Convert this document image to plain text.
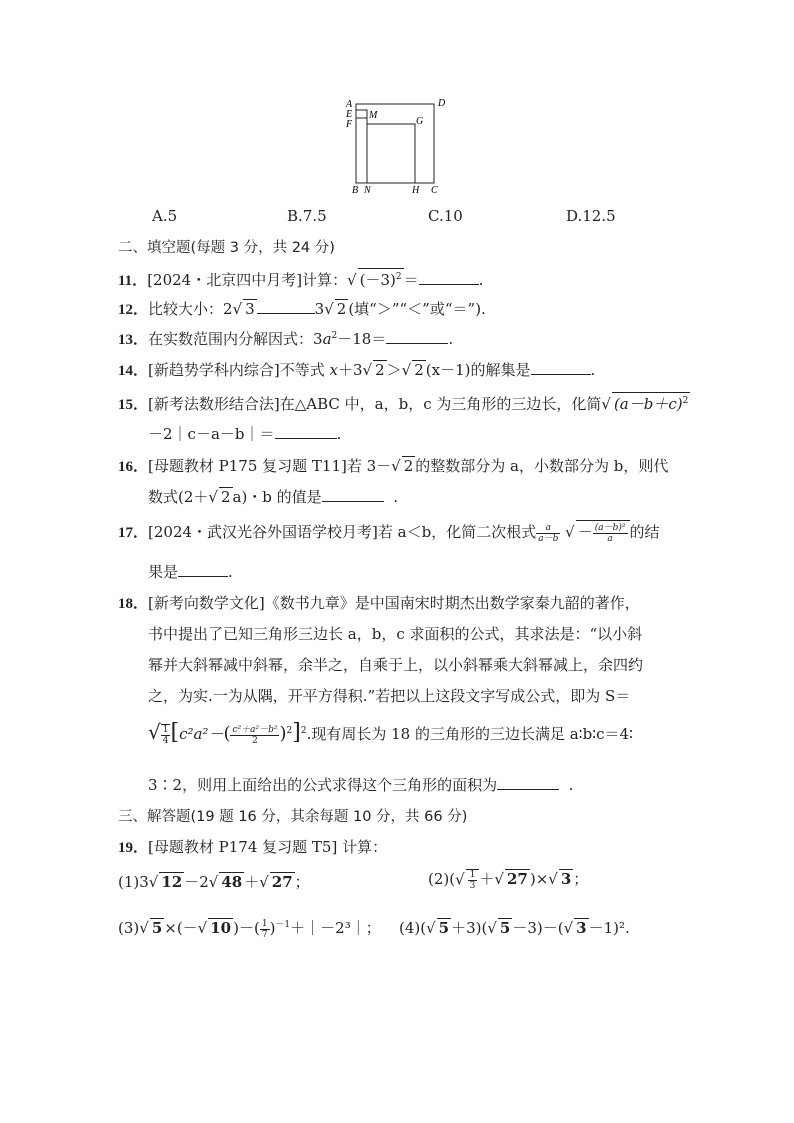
A	D
E
F
M
G
B N	H C
A.5	B.7.5	C.10	D.12.5
二、填空题(每题 3 分，共 24 分)
11．[2024・北京四中月考]计算：√ $(-3)^2$ ＝	.
12．比较大小：2√ 3	3√ 2 (填“＞”“＜”或“＝”).
13．在实数范围内分解因式：$3a^2-18=$	.
14．[新趋势学科内综合]不等式 x＋3√ 2 ＞√ 2 (x－1)的解集是	.
15．[新考法数形结合法]在△ABC 中，a，b，c 为三角形的三边长，化简√ $(a-b+c)^2$
－2｜c－a－b｜＝	.
16．[母题教材 P175 复习题 T11]若 3－√ 2 的整数部分为 a，小数部分为 b，则代
数式(2＋√ 2 a)・b 的值是	.
17．[2024・武汉光谷外国语学校月考]若 a＜b，化简二次根式 $\frac{a}{a-b}$ √ － $\frac{\text{(a－b)²}}{a}$ 的结
果是	.
18．[新考向数学文化]《数书九章》是中国南宋时期杰出数学家秦九韶的著作，
书中提出了已知三角形三边长 a，b，c 求面积的公式，其求法是：“以小斜
幂并大斜幂减中斜幂，余半之，自乘于上，以小斜幂乘大斜幂减上，余四约
之，为实.一为从隅，开平方得积.”若把以上这段文字写成公式，即为 S＝
√ $\frac{1}{4} [c^2a^2-( \frac{\text{c²＋a²－b²}}{2} )^2]^2$.现有周长为 18 的三角形的三边长满足 a∶b∶c＝4∶
3∶2，则用上面给出的公式求得这个三角形的面积为	.
三、解答题(19 题 16 分，其余每题 10 分，共 66 分)
19．[母题教材 P174 复习题 T5] 计算：
(1)3√ 12 －2√ 48 ＋√ 27 ；	$(2)(√ \frac{1}{3}$ ＋√ 27 )×√ 3 ；
(3)√ 5 ×(－√ 10 )－( $\frac{1}{7}$ )$^{-1}$＋｜－2³｜； (4)(√ 5 ＋3)(√ 5 －3)－(√ 3 －1)².
